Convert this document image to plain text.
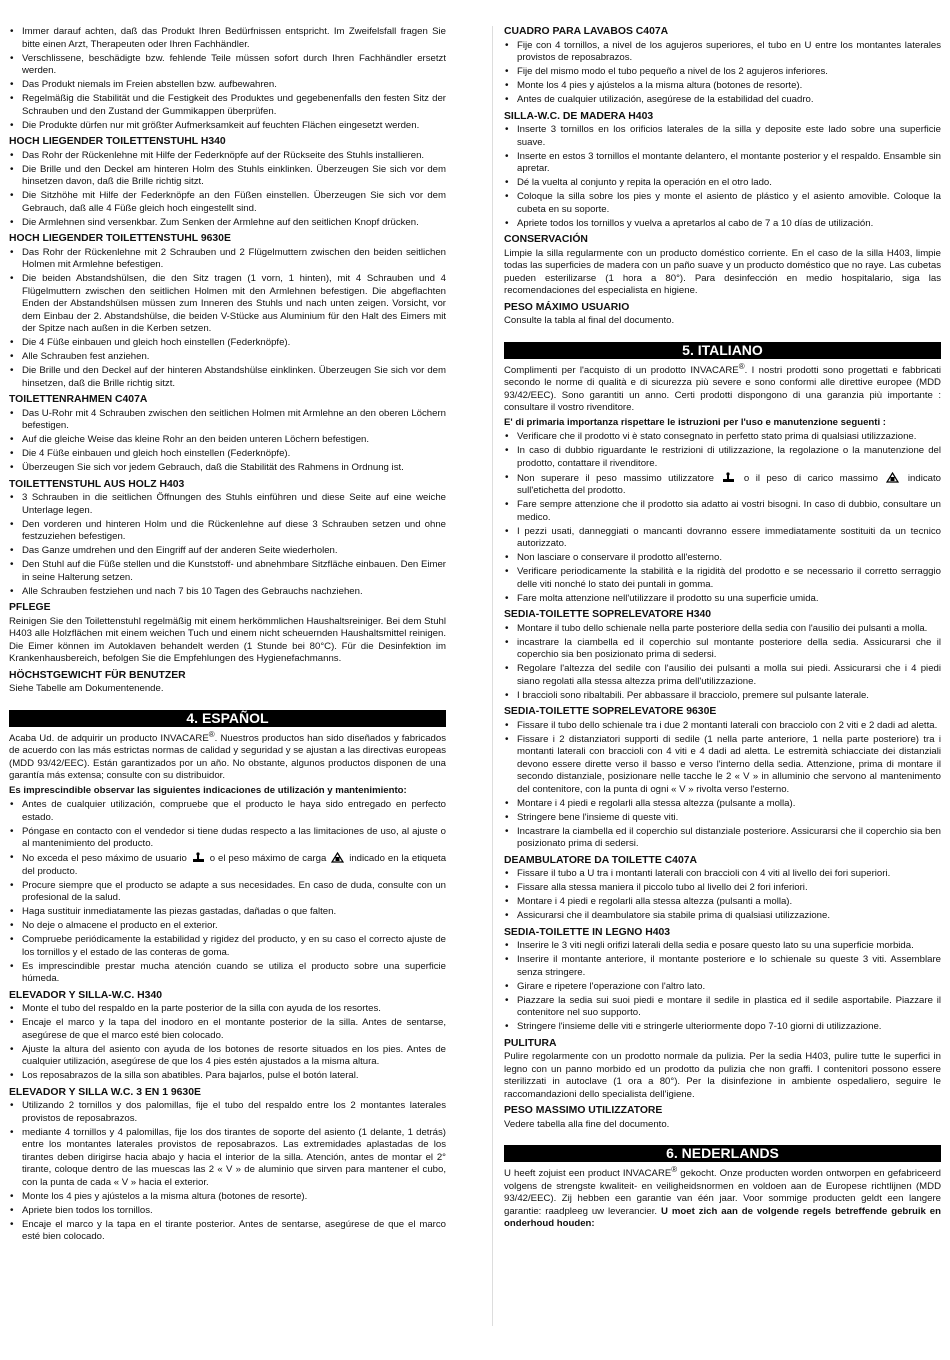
• Immer darauf achten, daß das Produkt Ihren Bedürfnissen entspricht. Im Zweifelsfall fragen Sie bitte einen Arzt, Therapeuten oder Ihren Fachhändler.
• Verschlissene, beschädigte bzw. fehlende Teile müssen sofort durch Ihren Fachhändler ersetzt werden.
• Das Produkt niemals im Freien abstellen bzw. aufbewahren.
• Regelmäßig die Stabilität und die Festigkeit des Produktes und gegebenenfalls den festen Sitz der Schrauben und den Zustand der Gummikappen überprüfen.
• Die Produkte dürfen nur mit größter Aufmerksamkeit auf feuchten Flächen eingesetzt werden.
HOCH LIEGENDER TOILETTENSTUHL H340
• Das Rohr der Rückenlehne mit Hilfe der Federknöpfe auf der Rückseite des Stuhls installieren.
• Die Brille und den Deckel am hinteren Holm des Stuhls einklinken. Überzeugen Sie sich vor dem hinsetzen davon, daß die Brille richtig sitzt.
• Die Sitzhöhe mit Hilfe der Federknöpfe an den Füßen einstellen. Überzeugen Sie sich vor dem Gebrauch, daß alle 4 Füße gleich hoch eingestellt sind.
• Die Armlehnen sind versenkbar. Zum Senken der Armlehne auf den seitlichen Knopf drücken.
HOCH LIEGENDER TOILETTENSTUHL 9630E
• Das Rohr der Rückenlehne mit 2 Schrauben und 2 Flügelmuttern zwischen den beiden seitlichen Holmen mit Armlehne befestigen.
• Die beiden Abstandshülsen, die den Sitz tragen (1 vorn, 1 hinten), mit 4 Schrauben und 4 Flügelmuttern zwischen den seitlichen Holmen mit den Armlehnen befestigen. Die abgeflachten Enden der Abstandshülsen müssen zum Inneren des Stuhls und nach unten zeigen. Vorsicht, vor dem Einbau der 2. Abstandshülse, die beiden V-Stücke aus Aluminium für den Halt des Eimers mit der Spitze nach außen in die Kerben setzen.
• Die 4 Füße einbauen und gleich hoch einstellen (Federknöpfe).
• Alle Schrauben fest anziehen.
• Die Brille und den Deckel auf der hinteren Abstandshülse einklinken. Überzeugen Sie sich vor dem hinsetzen, daß die Brille richtig sitzt.
TOILETTENRAHMEN C407A
• Das U-Rohr mit 4 Schrauben zwischen den seitlichen Holmen mit Armlehne an den oberen Löchern befestigen.
• Auf die gleiche Weise das kleine Rohr an den beiden unteren Löchern befestigen.
• Die 4 Füße einbauen und gleich hoch einstellen (Federknöpfe).
• Überzeugen Sie sich vor jedem Gebrauch, daß die Stabilität des Rahmens in Ordnung ist.
TOILETTENSTUHL AUS HOLZ H403
• 3 Schrauben in die seitlichen Öffnungen des Stuhls einführen und diese Seite auf eine weiche Unterlage legen.
• Den vorderen und hinteren Holm und die Rückenlehne auf diese 3 Schrauben setzen und ohne festzuziehen befestigen.
• Das Ganze umdrehen und den Eingriff auf der anderen Seite wiederholen.
• Den Stuhl auf die Füße stellen und die Kunststoff- und abnehmbare Sitzfläche einbauen. Den Eimer in seine Halterung setzen.
• Alle Schrauben festziehen und nach 7 bis 10 Tagen des Gebrauchs nachziehen.
PFLEGE

Reinigen Sie den Toilettenstuhl regelmäßig mit einem herkömmlichen Haushaltsreiniger. Bei dem Stuhl H403 alle Holzflächen mit einem weichen Tuch und einem nicht scheuernden Haushaltsmittel reinigen. Die Eimer können im Autoklaven behandelt werden (1 Stunde bei 80°C). Für die Desinfektion im Krankenhausbereich, befolgen Sie die Empfehlungen des Hygienefachmanns.

HÖCHSTGEWICHT FÜR BENUTZER

Siehe Tabelle am Dokumentenende.

4. ESPAÑOL

Acaba Ud. de adquirir un producto INVACARE®. Nuestros productos han sido diseñados y fabricados de acuerdo con las más estrictas normas de calidad y seguridad y se ajustan a las directivas europeas (MDD 93/42/EEC). Están garantizados por un año. No obstante, algunos productos disponen de una garantía más extensa; consulte con su distribuidor.

Es imprescindible observar las siguientes indicaciones de utilización y mantenimiento:

• Antes de cualquier utilización, compruebe que el producto le haya sido entregado en perfecto estado.
• Póngase en contacto con el vendedor si tiene dudas respecto a las limitaciones de uso, al ajuste o al mantenimiento del producto.
• No exceda el peso máximo de usuario o el peso máximo de carga indicado en la etiqueta del producto.
• Procure siempre que el producto se adapte a sus necesidades. En caso de duda, consulte con un profesional de la salud.
• Haga sustituir inmediatamente las piezas gastadas, dañadas o que falten.
• No deje o almacene el producto en el exterior.
• Compruebe periódicamente la estabilidad y rigidez del producto, y en su caso el correcto ajuste de los tornillos y el estado de las conteras de goma.
• Es imprescindible prestar mucha atención cuando se utiliza el producto sobre una superficie húmeda.
ELEVADOR Y SILLA-W.C. H340
• Monte el tubo del respaldo en la parte posterior de la silla con ayuda de los resortes.
• Encaje el marco y la tapa del inodoro en el montante posterior de la silla. Antes de sentarse, asegúrese de que el marco esté bien colocado.
• Ajuste la altura del asiento con ayuda de los botones de resorte situados en los pies. Antes de cualquier utilización, asegúrese de que los 4 pies estén ajustados a la misma altura.
• Los reposabrazos de la silla son abatibles. Para bajarlos, pulse el botón lateral.
ELEVADOR Y SILLA W.C. 3 EN 1 9630E
• Utilizando 2 tornillos y dos palomillas, fije el tubo del respaldo entre los 2 montantes laterales provistos de reposabrazos.
• mediante 4 tornillos y 4 palomillas, fije los dos tirantes de soporte del asiento (1 delante, 1 detrás) entre los montantes laterales provistos de reposabrazos. Las extremidades aplastadas de los tirantes deben dirigirse hacia abajo y hacia el interior de la silla. Atención, antes de montar el 2° tirante, coloque dentro de las muescas las 2 « V » de aluminio que sirven para mantener el cubo, con la punta de cada « V » hacia el exterior.
• Monte los 4 pies y ajústelos a la misma altura (botones de resorte).
• Apriete bien todos los tornillos.
• Encaje el marco y la tapa en el tirante posterior. Antes de sentarse, asegúrese de que el marco esté bien colocado.
CUADRO PARA LAVABOS C407A
• Fije con 4 tornillos, a nivel de los agujeros superiores, el tubo en U entre los montantes laterales provistos de reposabrazos.
• Fije del mismo modo el tubo pequeño a nivel de los 2 agujeros inferiores.
• Monte los 4 pies y ajústelos a la misma altura (botones de resorte).
• Antes de cualquier utilización, asegúrese de la estabilidad del cuadro.
SILLA-W.C. DE MADERA H403
• Inserte 3 tornillos en los orificios laterales de la silla y deposite este lado sobre una superficie suave.
• Inserte en estos 3 tornillos el montante delantero, el montante posterior y el respaldo. Ensamble sin apretar.
• Dé la vuelta al conjunto y repita la operación en el otro lado.
• Coloque la silla sobre los pies y monte el asiento de plástico y el asiento amovible. Coloque la cubeta en su soporte.
• Apriete todos los tornillos y vuelva a apretarlos al cabo de 7 a 10 días de utilización.
CONSERVACIÓN

Limpie la silla regularmente con un producto doméstico corriente. En el caso de la silla H403, limpie todas las superficies de madera con un paño suave y un producto doméstico que no raye. Las cubetas pueden esterilizarse (1 hora a 80°). Para desinfección en medio hospitalario, siga las recomendaciones del especialista en higiene.

PESO MÁXIMO USUARIO

Consulte la tabla al final del documento.

5. ITALIANO

Complimenti per l'acquisto di un prodotto INVACARE®. I nostri prodotti sono progettati e fabbricati secondo le norme di qualità e di sicurezza più severe e sono conformi alle direttive europee (MDD 93/42/EEC). Sono garantiti un anno. Certi prodotti dispongono di una garanzia più importante : consultare il vostro rivenditore.

E' di primaria importanza rispettare le istruzioni per l'uso e manutenzione seguenti :

• Verificare che il prodotto vi è stato consegnato in perfetto stato prima di qualsiasi utilizzazione.
• In caso di dubbio riguardante le restrizioni di utilizzazione, la regolazione o la manutenzione del prodotto, contattare il rivenditore.
• Non superare il peso massimo utilizzatore	o il peso di carico massimo	indicato sull'etichetta del prodotto.
• Fare sempre attenzione che il prodotto sia adatto ai vostri bisogni. In caso di dubbio, consultare un medico.
• I pezzi usati, danneggiati o mancanti dovranno essere immediatamente sostituiti da un tecnico autorizzato.
• Non lasciare o conservare il prodotto all'esterno.
• Verificare periodicamente la stabilità e la rigidità del prodotto e se necessario il corretto serraggio delle viti nonché lo stato dei puntali in gomma.
• Fare molta attenzione nell'utilizzare il prodotto su una superficie umida.
SEDIA-TOILETTE SOPRELEVATORE H340
• Montare il tubo dello schienale nella parte posteriore della sedia con l'ausilio dei pulsanti a molla.
• incastrare la ciambella ed il coperchio sul montante posteriore della sedia. Assicurarsi che il coperchio sia ben posizionato prima di sedersi.
• Regolare l'altezza del sedile con l'ausilio dei pulsanti a molla sui piedi. Assicurarsi che i 4 piedi siano regolati alla stessa altezza prima dell'utilizzazione.
• I braccioli sono ribaltabili. Per abbassare il bracciolo, premere sul pulsante laterale.
SEDIA-TOILETTE SOPRELEVATORE 9630E
• Fissare il tubo dello schienale tra i due 2 montanti laterali con bracciolo con 2 viti e 2 dadi ad aletta.
• Fissare i 2 distanziatori supporti di sedile (1 nella parte anteriore, 1 nella parte posteriore) tra i montanti laterali con braccioli con 4 viti e 4 dadi ad aletta. Le estremità schiacciate dei distanziali devono essere dirette verso il basso e verso l'interno della sedia. Attenzione, prima di montare il secondo distanziale, posizionare nelle tacche le 2 « V » in alluminio che servono al mantenimento del contenitore, con la punta di ogni « V » rivolta verso l'esterno.
• Montare i 4 piedi e regolarli alla stessa altezza (pulsante a molla).
• Stringere bene l'insieme di queste viti.
• Incastrare la ciambella ed il coperchio sul distanziale posteriore. Assicurarsi che il coperchio sia ben posizionato prima di sedersi.
DEAMBULATORE DA TOILETTE C407A
• Fissare il tubo a U tra i montanti laterali con braccioli con 4 viti al livello dei fori superiori.
• Fissare alla stessa maniera il piccolo tubo al livello dei 2 fori inferiori.
• Montare i 4 piedi e regolarli alla stessa altezza (pulsanti a molla).
• Assicurarsi che il deambulatore sia stabile prima di qualsiasi utilizzazione.
SEDIA-TOILETTE IN LEGNO H403
• Inserire le 3 viti negli orifizi laterali della sedia e posare questo lato su una superficie morbida.
• Inserire il montante anteriore, il montante posteriore e lo schienale su queste 3 viti. Assemblare senza stringere.
• Girare e ripetere l'operazione con l'altro lato.
• Piazzare la sedia sui suoi piedi e montare il sedile in plastica ed il sedile asportabile. Piazzare il contenitore nel suo supporto.
• Stringere l'insieme delle viti e stringerle ulteriormente dopo 7-10 giorni di utilizzazione.
PULITURA

Pulire regolarmente con un prodotto normale da pulizia. Per la sedia H403, pulire tutte le superfici in legno con un panno morbido ed un prodotto da pulizia che non graffi. I contenitori possono essere sterilizzati in autoclave (1 ora a 80°). Per la disinfezione in ambiente ospedaliero, seguire le raccomandazioni dello specialista dell'igiene.

PESO MASSIMO UTILIZZATORE

Vedere tabella alla fine del documento.

6. NEDERLANDS

U heeft zojuist een product INVACARE® gekocht. Onze producten worden ontworpen en gefabriceerd volgens de strengste kwaliteit- en veiligheidsnormen en voldoen aan de Europese richtlijnen (MDD 93/42/EEC). Zij hebben een garantie van één jaar. Voor sommige producten geldt een langere garantie: raadpleeg uw leverancier. U moet zich aan de volgende regels betreffende gebruik en onderhoud houden:
